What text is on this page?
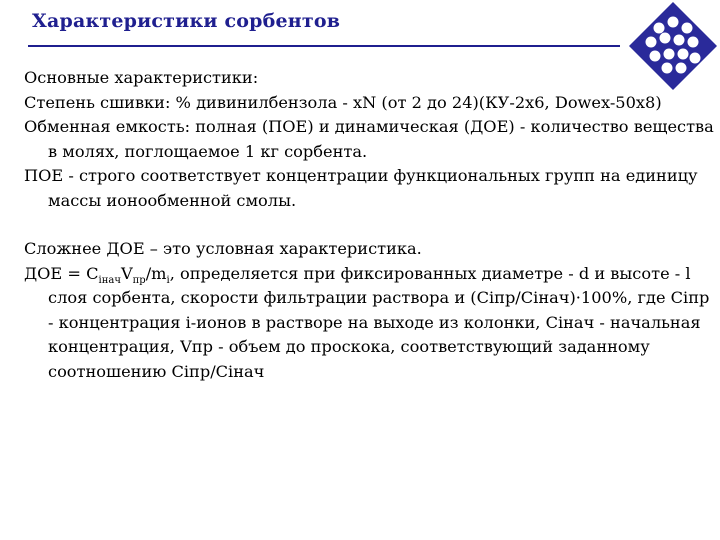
Характеристики сорбентов

Основные характеристики:

Степень сшивки: % дивинилбензола - xN (от 2 до 24)(КУ-2х6, Dowex-50x8)

Обменная емкость: полная (ПОЕ) и динамическая (ДОЕ) - количество вещества в молях, поглощаемое 1 кг сорбента.

ПОЕ - строго соответствует концентрации функциональных групп на единицу массы ионообменной смолы.

Сложнее ДОЕ – это условная характеристика.

ДОЕ = $C_{iнач}V_{пр}/m_i$, определяется при фиксированных диаметре - d и высоте - l слоя сорбента, скорости фильтрации раствора и (Ciпр/Ciнач)·100%, где Ciпр - концентрация i-ионов в растворе на выходе из колонки, Ciнач - начальная концентрация, Vпр - объем до проскока, соответствующий заданному соотношению Ciпр/Ciнач
